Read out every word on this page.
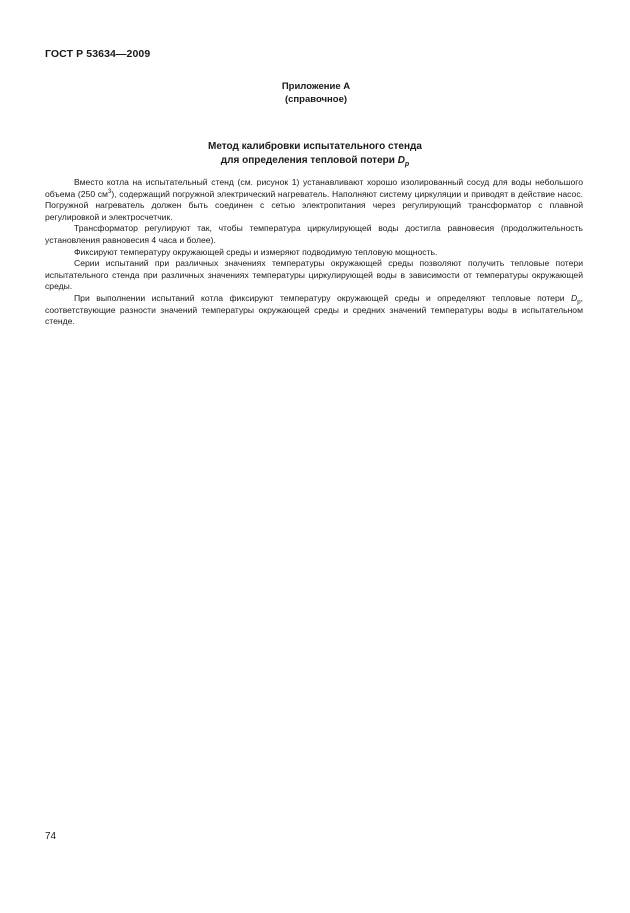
ГОСТ Р 53634—2009
Приложение А
(справочное)
Метод калибровки испытательного стенда
для определения тепловой потери $D_р$

Вместо котла на испытательный стенд (см. рисунок 1) устанавливают хорошо изолированный сосуд для воды небольшого объема (250 $см^3$), содержащий погружной электрический нагреватель. Наполняют систему циркуляции и приводят в действие насос. Погружной нагреватель должен быть соединен с сетью электропитания через регулирующий трансформатор с плавной регулировкой и электросчетчик.

Трансформатор регулируют так, чтобы температура циркулирующей воды достигла равновесия (продолжительность установления равновесия 4 часа и более).

Фиксируют температуру окружающей среды и измеряют подводимую тепловую мощность.

Серии испытаний при различных значениях температуры окружающей среды позволяют получить тепловые потери испытательного стенда при различных значениях температуры циркулирующей воды в зависимости от температуры окружающей среды.

При выполнении испытаний котла фиксируют температуру окружающей среды и определяют тепловые потери $D_р$, соответствующие разности значений температуры окружающей среды и средних значений температуры воды в испытательном стенде.

74
